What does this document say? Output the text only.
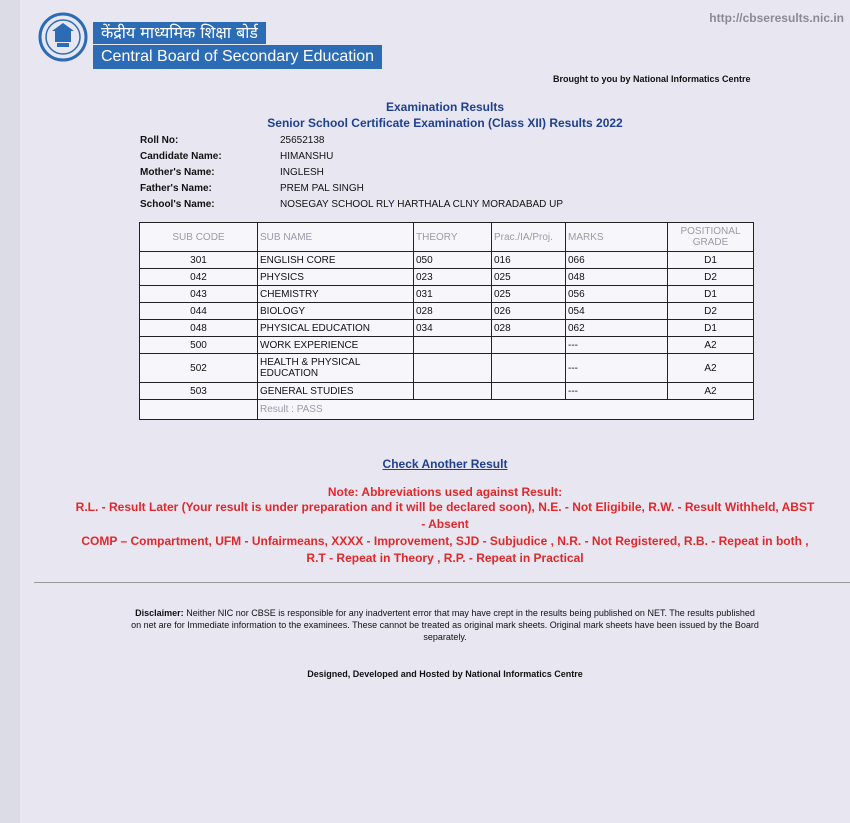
केंद्रीय माध्यमिक शिक्षा बोर्ड
Central Board of Secondary Education
http://cbseresults.nic.in
Brought to you by National Informatics Centre
Examination Results
Senior School Certificate Examination (Class XII) Results 2022
Roll No:	25652138
Candidate Name:	HIMANSHU
Mother's Name:	INGLESH
Father's Name:	PREM PAL SINGH
School's Name:	NOSEGAY SCHOOL RLY HARTHALA CLNY MORADABAD UP
SUB CODE	SUB NAME	THEORY	Prac./IA/Proj.	MARKS	POSITIONAL GRADE
301	ENGLISH CORE	050	016	066	D1
042	PHYSICS	023	025	048	D2
043	CHEMISTRY	031	025	056	D1
044	BIOLOGY	028	026	054	D2
048	PHYSICAL EDUCATION	034	028	062	D1
500	WORK EXPERIENCE			---	A2
502	HEALTH & PHYSICAL EDUCATION			---	A2
503	GENERAL STUDIES			---	A2
	Result : PASS				
Check Another Result
Note: Abbreviations used against Result:
R.L. - Result Later (Your result is under preparation and it will be declared soon), N.E. - Not Eligibile, R.W. - Result Withheld, ABST
- Absent
COMP – Compartment, UFM - Unfairmeans, XXXX - Improvement, SJD - Subjudice , N.R. - Not Registered, R.B. - Repeat in both ,
R.T - Repeat in Theory , R.P. - Repeat in Practical
Disclaimer: Neither NIC nor CBSE is responsible for any inadvertent error that may have crept in the results being published on NET. The results published on net are for Immediate information to the examinees. These cannot be treated as original mark sheets. Original mark sheets have been issued by the Board separately.
Designed, Developed and Hosted by National Informatics Centre
